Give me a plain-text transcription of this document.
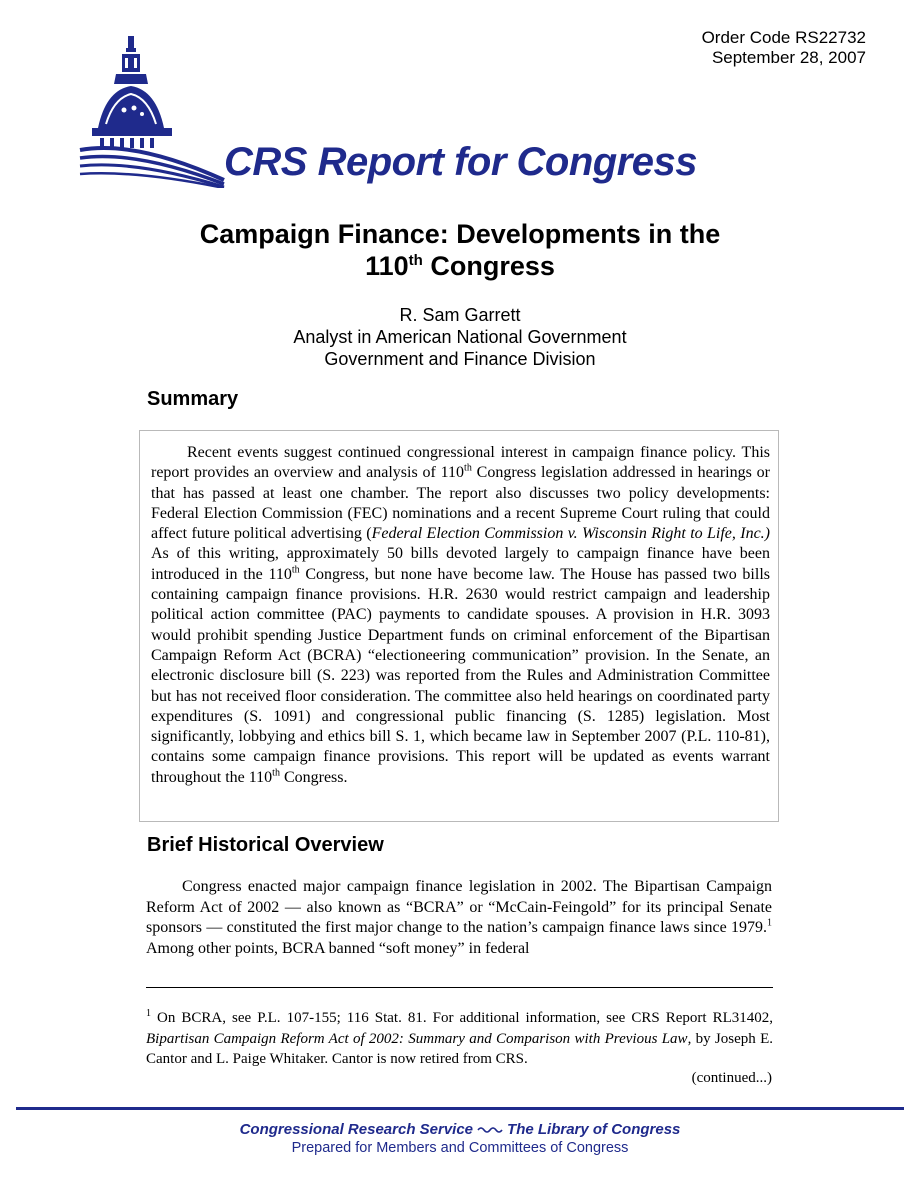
Order Code RS22732
September 28, 2007
CRS Report for Congress
Campaign Finance: Developments in the
110th Congress
R. Sam Garrett
Analyst in American National Government
Government and Finance Division
Summary

Recent events suggest continued congressional interest in campaign finance policy. This report provides an overview and analysis of 110th Congress legislation addressed in hearings or that has passed at least one chamber. The report also discusses two policy developments: Federal Election Commission (FEC) nominations and a recent Supreme Court ruling that could affect future political advertising (Federal Election Commission v. Wisconsin Right to Life, Inc.) As of this writing, approximately 50 bills devoted largely to campaign finance have been introduced in the 110th Congress, but none have become law. The House has passed two bills containing campaign finance provisions. H.R. 2630 would restrict campaign and leadership political action committee (PAC) payments to candidate spouses. A provision in H.R. 3093 would prohibit spending Justice Department funds on criminal enforcement of the Bipartisan Campaign Reform Act (BCRA) “electioneering communication” provision. In the Senate, an electronic disclosure bill (S. 223) was reported from the Rules and Administration Committee but has not received floor consideration. The committee also held hearings on coordinated party expenditures (S. 1091) and congressional public financing (S. 1285) legislation. Most significantly, lobbying and ethics bill S. 1, which became law in September 2007 (P.L. 110-81), contains some campaign finance provisions. This report will be updated as events warrant throughout the 110th Congress.

Brief Historical Overview

Congress enacted major campaign finance legislation in 2002. The Bipartisan Campaign Reform Act of 2002 — also known as “BCRA” or “McCain-Feingold” for its principal Senate sponsors — constituted the first major change to the nation’s campaign finance laws since 1979.$^1$ Among other points, BCRA banned “soft money” in federal

$^1$ On BCRA, see P.L. 107-155; 116 Stat. 81. For additional information, see CRS Report RL31402, Bipartisan Campaign Reform Act of 2002: Summary and Comparison with Previous Law, by Joseph E. Cantor and L. Paige Whitaker. Cantor is now retired from CRS.

(continued...)
Congressional Research Service The Library of Congress
Prepared for Members and Committees of Congress
